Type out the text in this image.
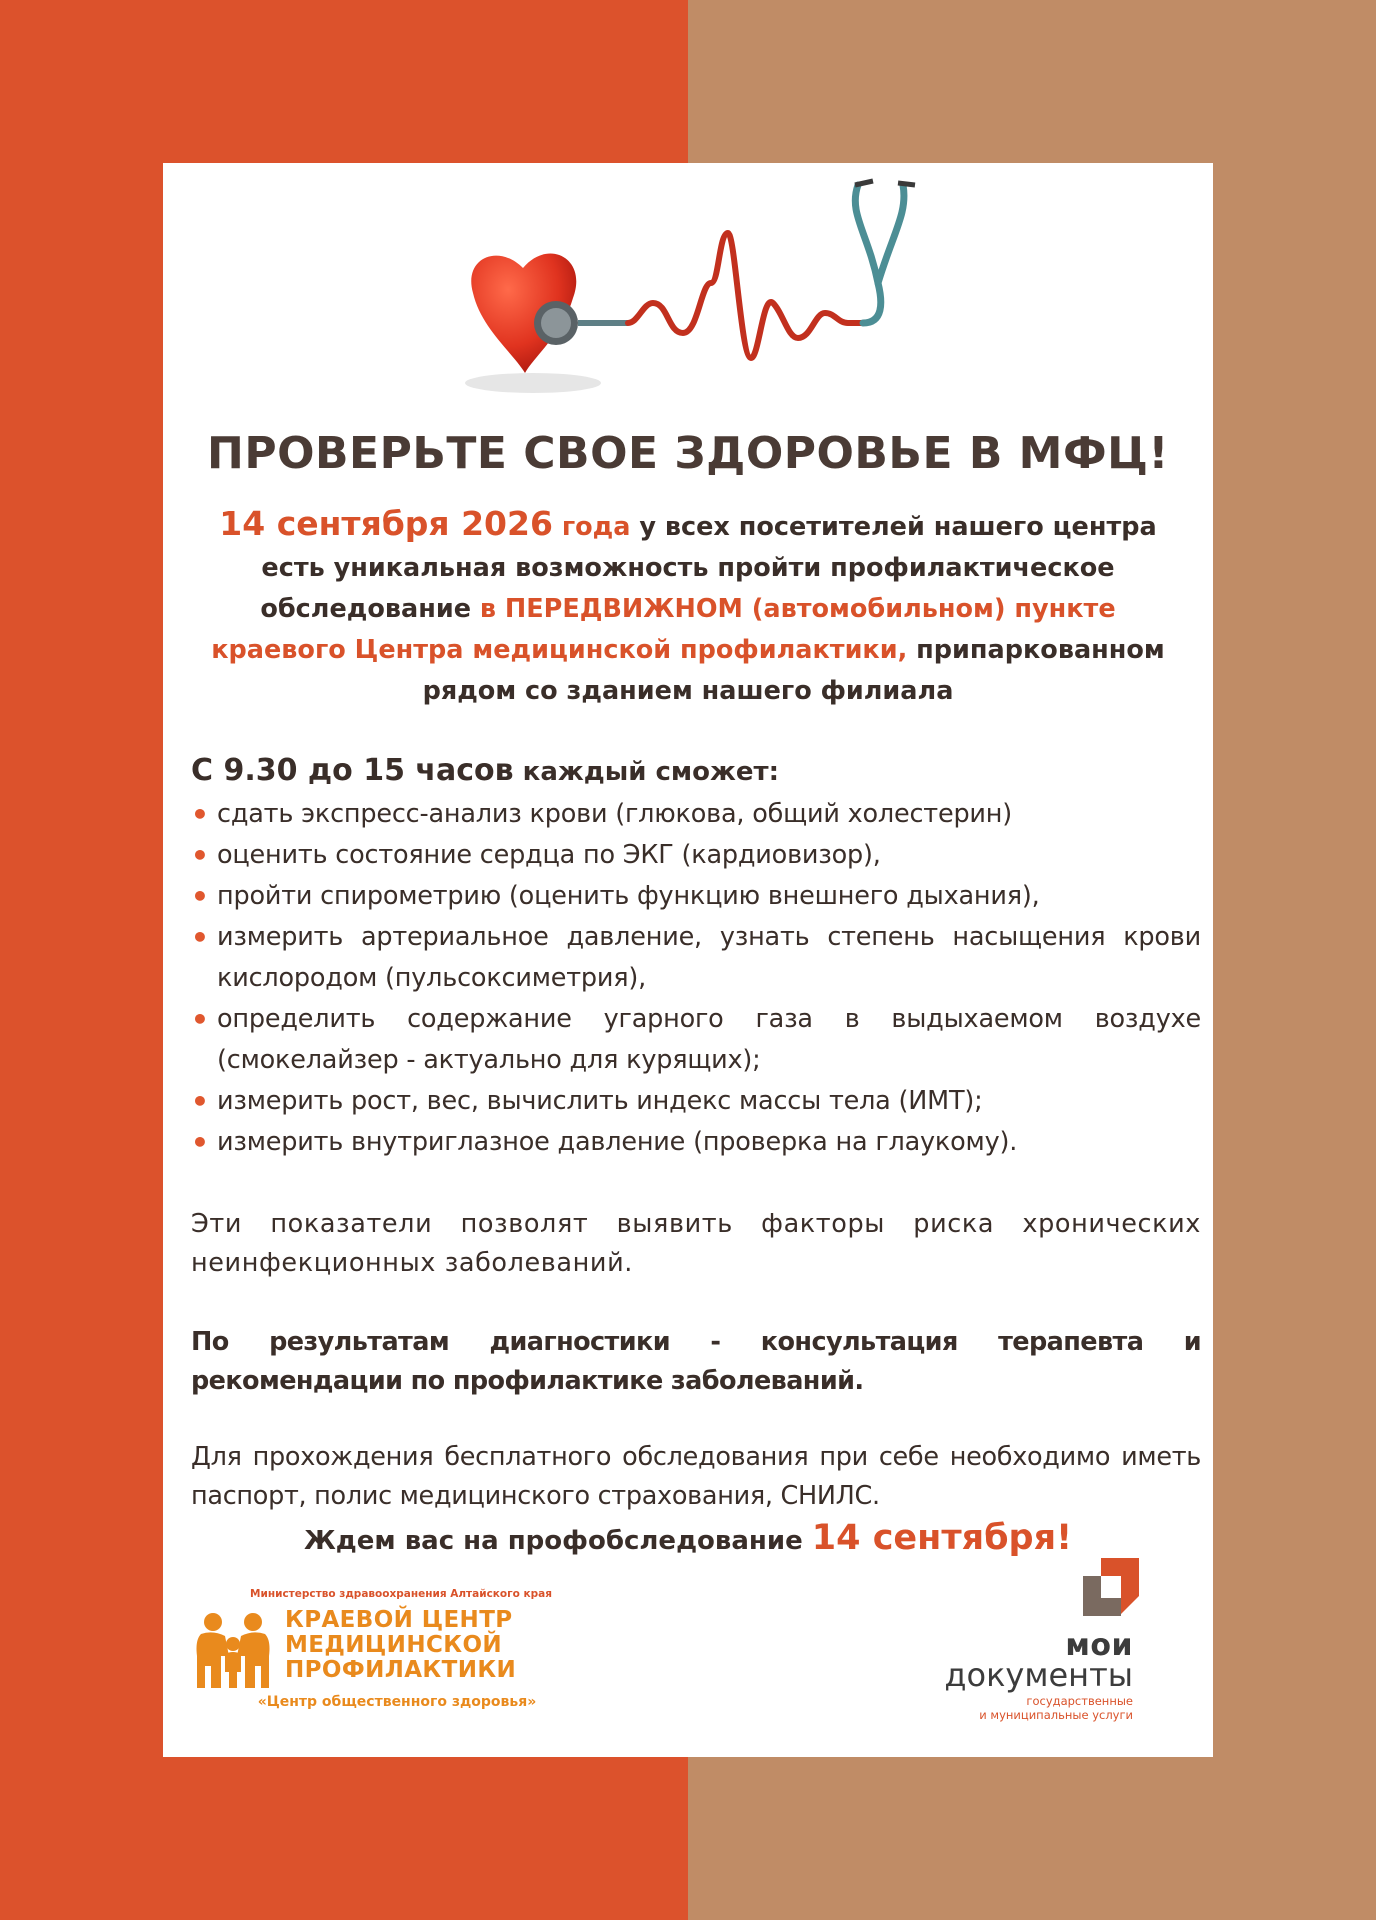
ПРОВЕРЬТЕ СВОЕ ЗДОРОВЬЕ В МФЦ!
14 сентября 2026 года у всех посетителей нашего центра есть уникальная возможность пройти профилактическое обследование в ПЕРЕДВИЖНОМ (автомобильном) пункте краевого Центра медицинской профилактики, припаркованном рядом со зданием нашего филиала
С 9.30 до 15 часов каждый сможет:
• сдать экспресс-анализ крови (глюкова, общий холестерин)
• оценить состояние сердца по ЭКГ (кардиовизор),
• пройти спирометрию (оценить функцию внешнего дыхания),
• измерить артериальное давление, узнать степень насыщения крови кислородом (пульсоксиметрия),
• определить содержание угарного газа в выдыхаемом воздухе (смокелайзер - актуально для курящих);
• измерить рост, вес, вычислить индекс массы тела (ИМТ);
• измерить внутриглазное давление (проверка на глаукому).
Эти показатели позволят выявить факторы риска хронических неинфекционных заболеваний.
По результатам диагностики - консультация терапевта и рекомендации по профилактике заболеваний.
Для прохождения бесплатного обследования при себе необходимо иметь паспорт, полис медицинского страхования, СНИЛС.
Ждем вас на профобследование 14 сентября!
Министерство здравоохранения Алтайского края
КРАЕВОЙ ЦЕНТР
МЕДИЦИНСКОЙ
ПРОФИЛАКТИКИ
«Центр общественного здоровья»
мои
документы
государственные
и муниципальные услуги
